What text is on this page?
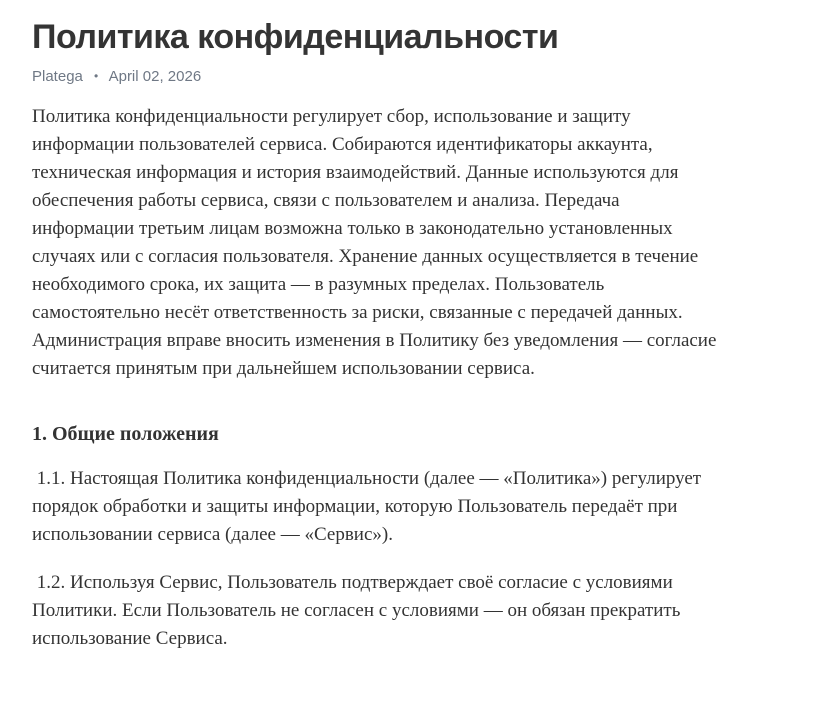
Политика конфиденциальности
Platega • April 02, 2026

Политика конфиденциальности регулирует сбор, использование и защиту информации пользователей сервиса. Собираются идентификаторы аккаунта, техническая информация и история взаимодействий. Данные используются для обеспечения работы сервиса, связи с пользователем и анализа. Передача информации третьим лицам возможна только в законодательно установленных случаях или с согласия пользователя. Хранение данных осуществляется в течение необходимого срока, их защита — в разумных пределах. Пользователь самостоятельно несёт ответственность за риски, связанные с передачей данных. Администрация вправе вносить изменения в Политику без уведомления — согласие считается принятым при дальнейшем использовании сервиса.

1. Общие положения

1.1. Настоящая Политика конфиденциальности (далее — «Политика») регулирует порядок обработки и защиты информации, которую Пользователь передаёт при использовании сервиса (далее — «Сервис»).

1.2. Используя Сервис, Пользователь подтверждает своё согласие с условиями Политики. Если Пользователь не согласен с условиями — он обязан прекратить использование Сервиса.
